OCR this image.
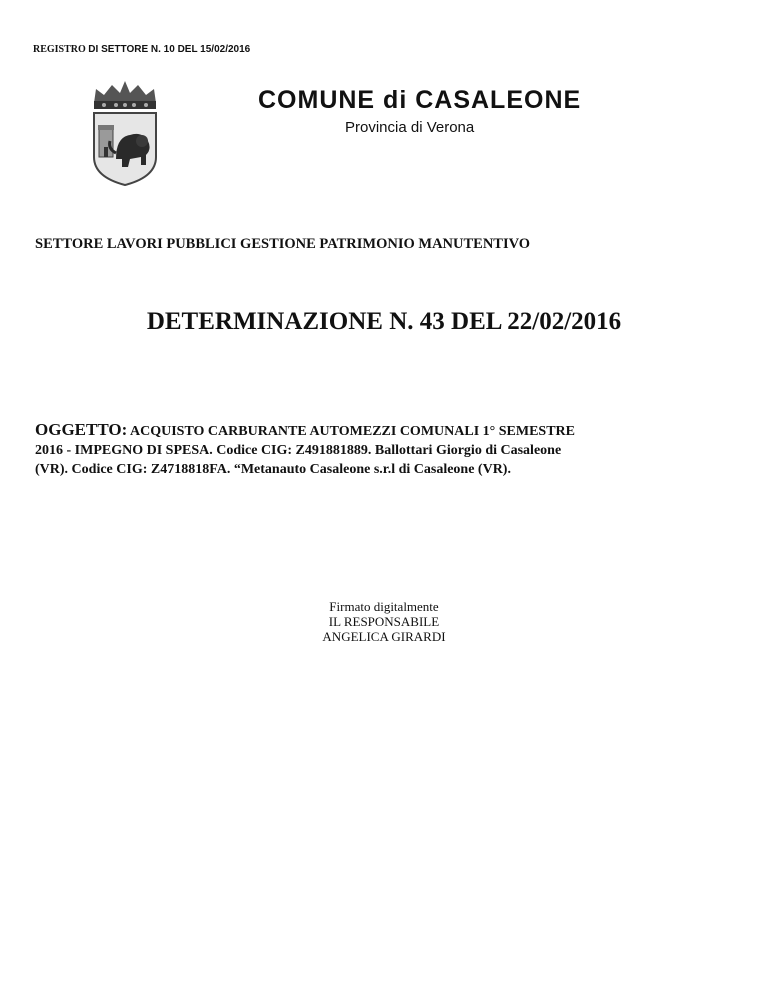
REGISTRO DI SETTORE N. 10 DEL 15/02/2016
COMUNE di CASALEONE
Provincia di Verona
SETTORE LAVORI PUBBLICI GESTIONE PATRIMONIO MANUTENTIVO
DETERMINAZIONE N. 43 DEL 22/02/2016
OGGETTO: ACQUISTO CARBURANTE AUTOMEZZI COMUNALI 1° SEMESTRE
2016 - IMPEGNO DI SPESA. Codice CIG: Z491881889. Ballottari Giorgio di Casaleone
(VR). Codice CIG: Z4718818FA. “Metanauto Casaleone s.r.l di Casaleone (VR).
Firmato digitalmente
IL RESPONSABILE
ANGELICA GIRARDI
